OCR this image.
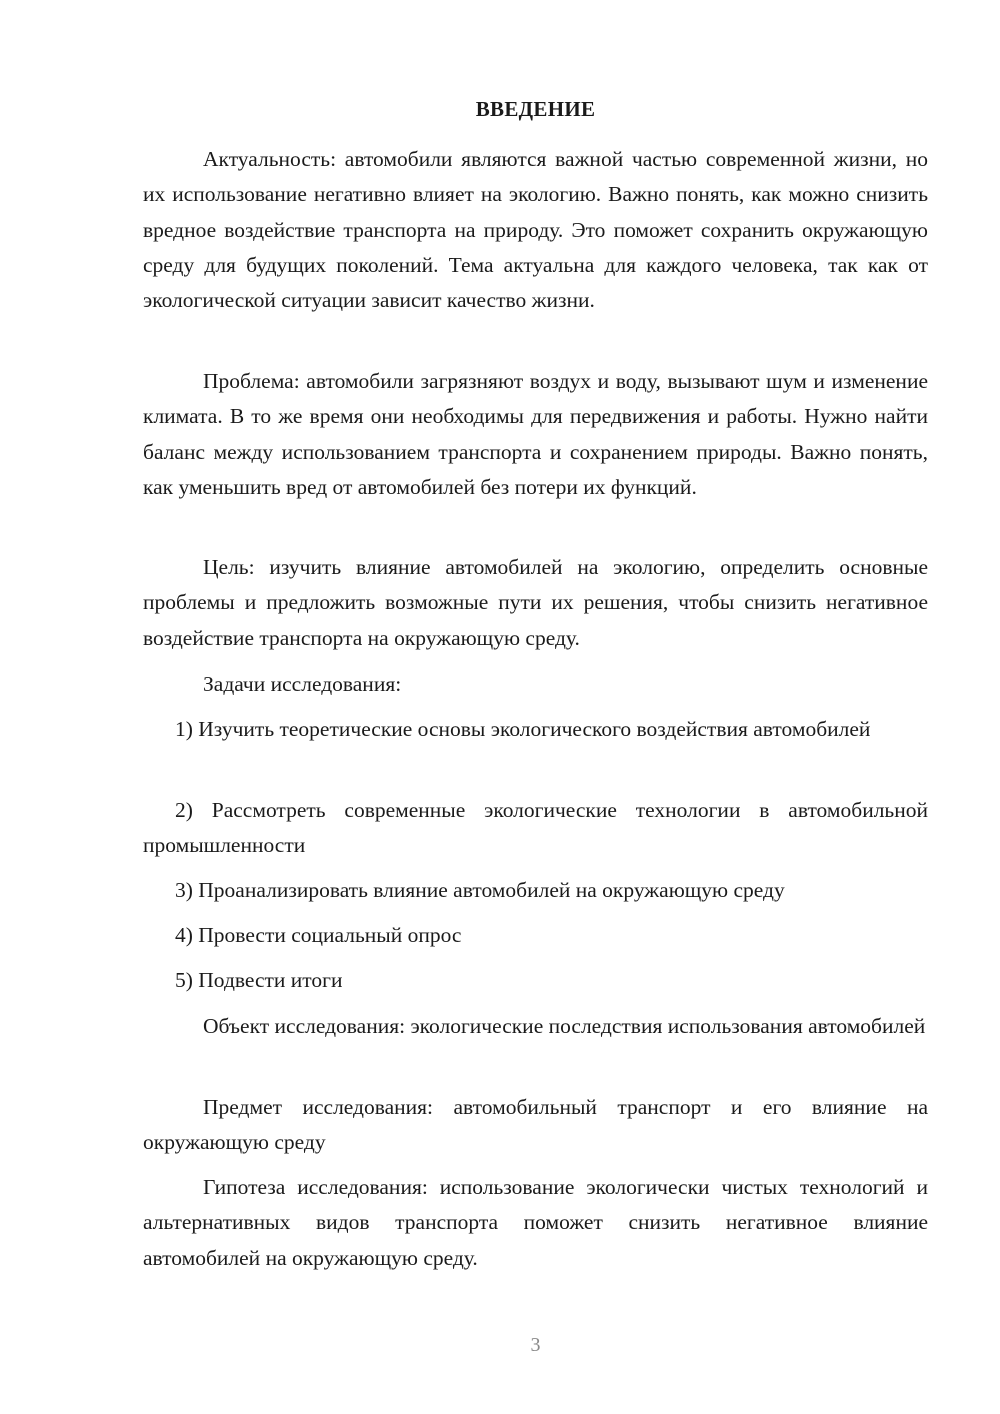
ВВЕДЕНИЕ

Актуальность: автомобили являются важной частью современной жизни, но их использование негативно влияет на экологию. Важно понять, как можно снизить вредное воздействие транспорта на природу. Это поможет сохранить окружающую среду для будущих поколений. Тема актуальна для каждого человека, так как от экологической ситуации зависит качество жизни.

Проблема: автомобили загрязняют воздух и воду, вызывают шум и изменение климата. В то же время они необходимы для передвижения и работы. Нужно найти баланс между использованием транспорта и сохранением природы. Важно понять, как уменьшить вред от автомобилей без потери их функций.

Цель: изучить влияние автомобилей на экологию, определить основные проблемы и предложить возможные пути их решения, чтобы снизить негативное воздействие транспорта на окружающую среду.

Задачи исследования:

1) Изучить теоретические основы экологического воздействия автомобилей

2) Рассмотреть современные экологические технологии в автомобильной промышленности

3) Проанализировать влияние автомобилей на окружающую среду

4) Провести социальный опрос

5) Подвести итоги

Объект исследования: экологические последствия использования автомобилей

Предмет исследования: автомобильный транспорт и его влияние на окружающую среду

Гипотеза исследования: использование экологически чистых технологий и альтернативных видов транспорта поможет снизить негативное влияние автомобилей на окружающую среду.

3
